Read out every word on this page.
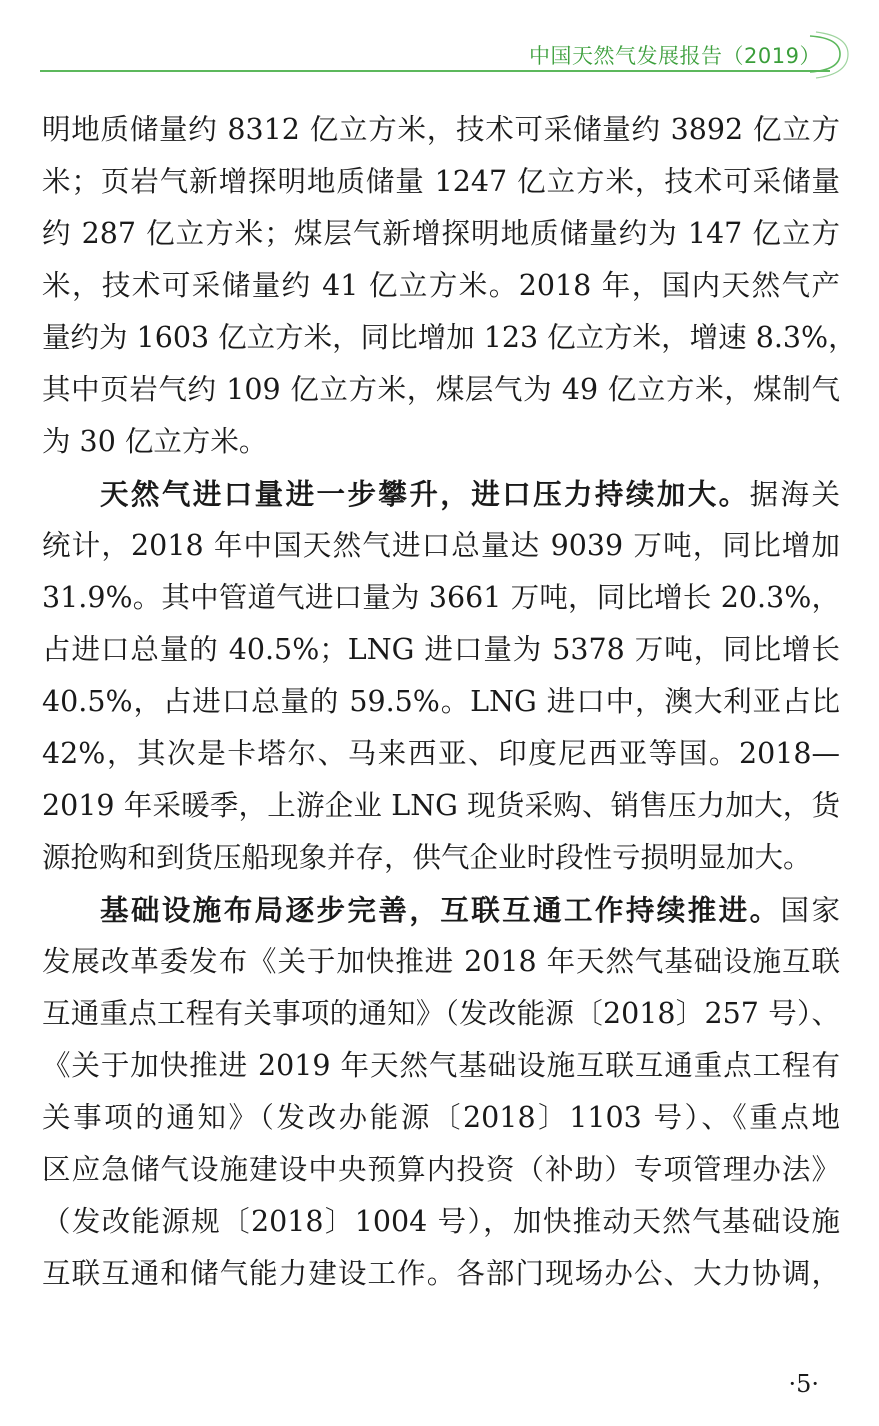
中国天然气发展报告（2019）
明地质储量约 8312 亿立方米，技术可采储量约 3892 亿立方
米；页岩气新增探明地质储量 1247 亿立方米，技术可采储量
约 287 亿立方米；煤层气新增探明地质储量约为 147 亿立方
米，技术可采储量约 41 亿立方米。2018 年，国内天然气产
量约为 1603 亿立方米，同比增加 123 亿立方米，增速 8.3%，
其中页岩气约 109 亿立方米，煤层气为 49 亿立方米，煤制气
为 30 亿立方米。
天然气进口量进一步攀升，进口压力持续加大。据海关
统计，2018 年中国天然气进口总量达 9039 万吨，同比增加
31.9%。其中管道气进口量为 3661 万吨，同比增长 20.3%，
占进口总量的 40.5%；LNG 进口量为 5378 万吨，同比增长
40.5%，占进口总量的 59.5%。LNG 进口中，澳大利亚占比
42%，其次是卡塔尔、马来西亚、印度尼西亚等国。2018—
2019 年采暖季，上游企业 LNG 现货采购、销售压力加大，货
源抢购和到货压船现象并存，供气企业时段性亏损明显加大。
基础设施布局逐步完善，互联互通工作持续推进。国家
发展改革委发布《关于加快推进 2018 年天然气基础设施互联
互通重点工程有关事项的通知》（发改能源〔2018〕257 号）、
《关于加快推进 2019 年天然气基础设施互联互通重点工程有
关事项的通知》（发改办能源〔2018〕1103 号）、《重点地
区应急储气设施建设中央预算内投资（补助）专项管理办法》
（发改能源规〔2018〕1004 号），加快推动天然气基础设施
互联互通和储气能力建设工作。各部门现场办公、大力协调，
·5·
